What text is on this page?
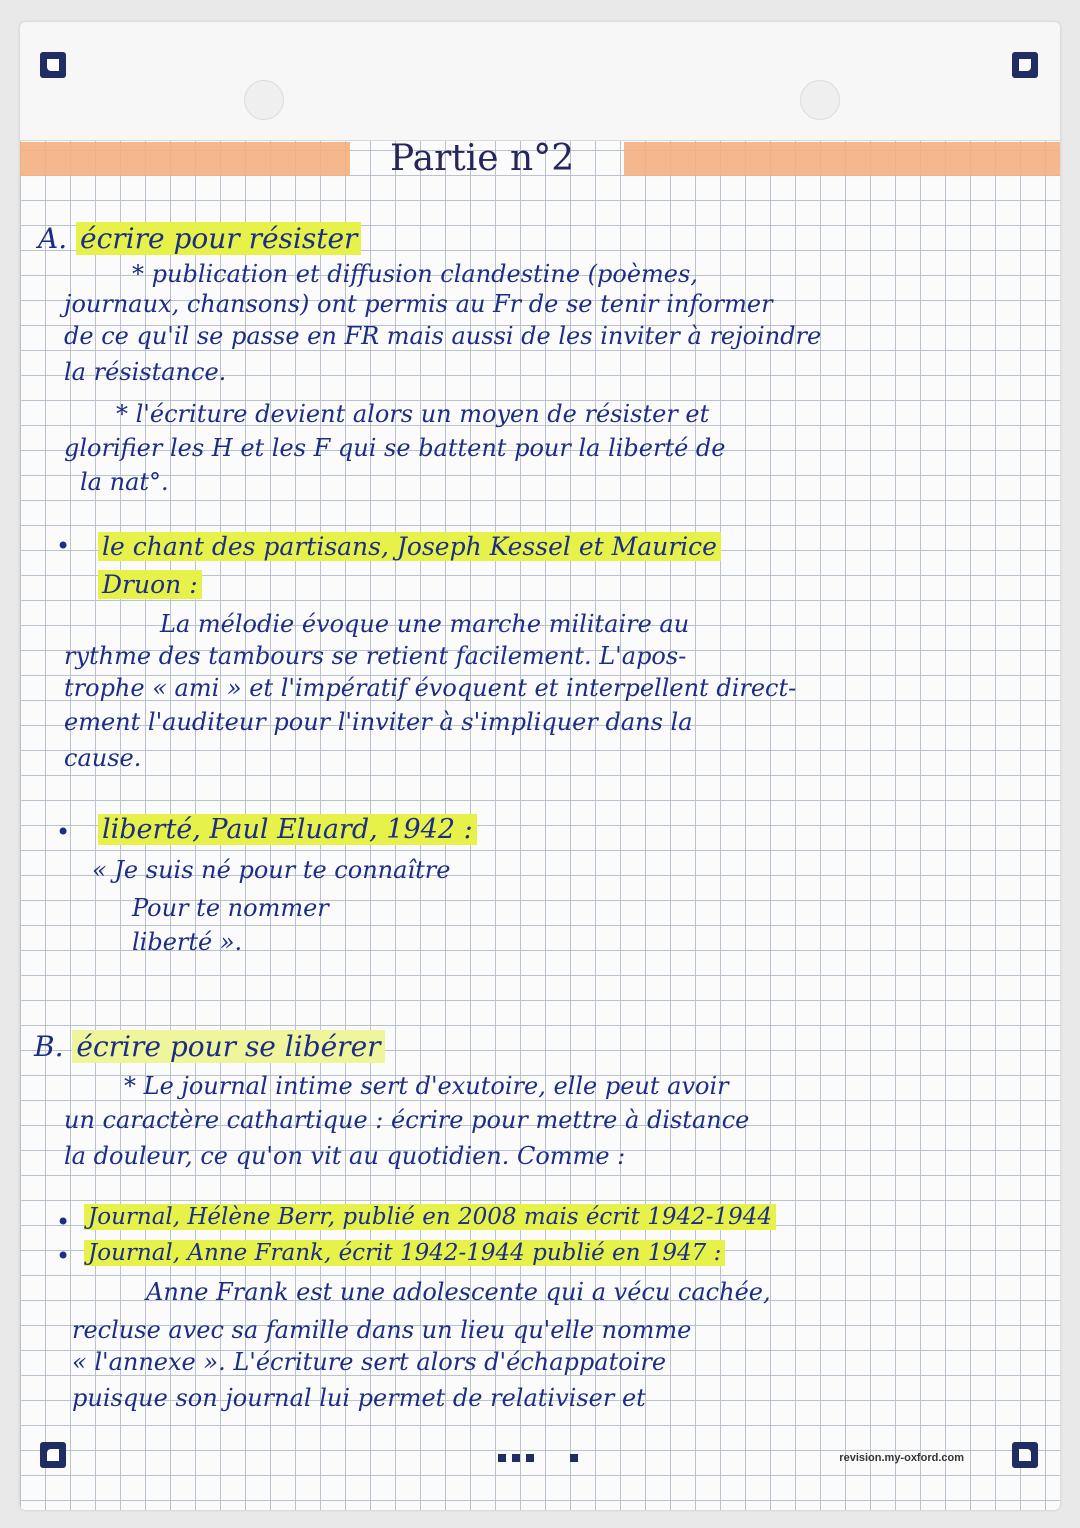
Partie n°2
A. écrire pour résister
* publication et diffusion clandestine (poèmes,
journaux, chansons) ont permis au Fr de se tenir informer
de ce qu'il se passe en FR mais aussi de les inviter à rejoindre
la résistance.
* l'écriture devient alors un moyen de résister et
glorifier les H et les F qui se battent pour la liberté de
la nat°.
• le chant des partisans, Joseph Kessel et Maurice
Druon :
La mélodie évoque une marche militaire au
rythme des tambours se retient facilement. L'apos-
trophe « ami » et l'impératif évoquent et interpellent direct-
ement l'auditeur pour l'inviter à s'impliquer dans la
cause.
• liberté, Paul Eluard, 1942 :
« Je suis né pour te connaître
Pour te nommer
liberté ».
B. écrire pour se libérer
* Le journal intime sert d'exutoire, elle peut avoir
un caractère cathartique : écrire pour mettre à distance
la douleur, ce qu'on vit au quotidien. Comme :
• Journal, Hélène Berr, publié en 2008 mais écrit 1942-1944
• Journal, Anne Frank, écrit 1942-1944 publié en 1947 :
Anne Frank est une adolescente qui a vécu cachée,
recluse avec sa famille dans un lieu qu'elle nomme
« l'annexe ». L'écriture sert alors d'échappatoire
puisque son journal lui permet de relativiser et
revision.my-oxford.com
